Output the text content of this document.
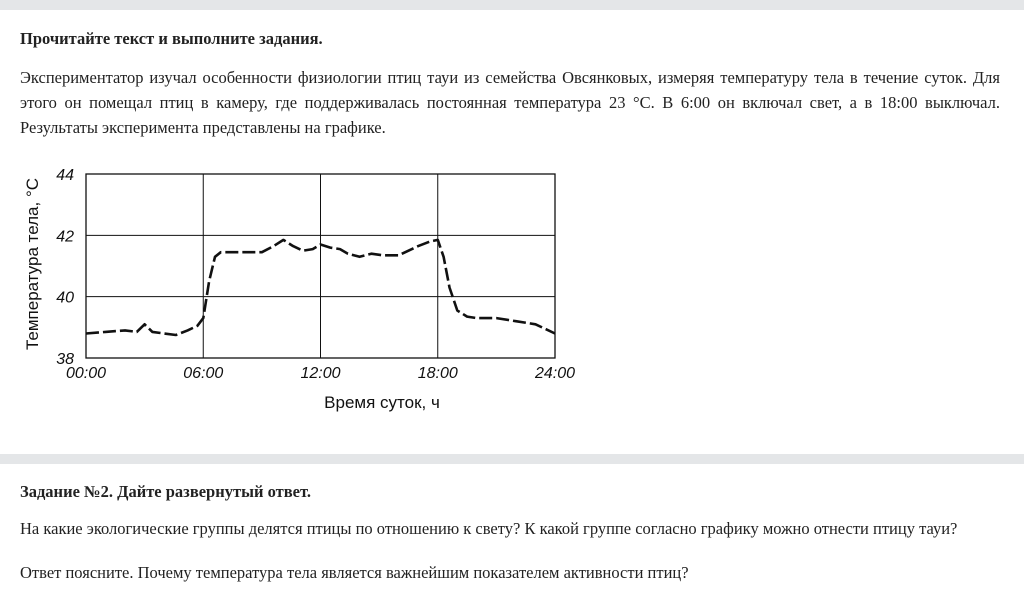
Прочитайте текст и выполните задания.

Экспериментатор изучал особенности физиологии птиц тауи из семейства Овсянковых, измеряя температуру тела в течение суток. Для этого он помещал птиц в камеру, где поддерживалась постоянная температура 23 °С. В 6:00 он включал свет, а в 18:00 выключал. Результаты эксперимента представлены на графике.

38
40
42
44
00:00	06:00	12:00	18:00	24:00
Время суток, ч
Температура тела, °С

Задание №2. Дайте развернутый ответ.

На какие экологические группы делятся птицы по отношению к свету? К какой группе согласно графику можно отнести птицу тауи?

Ответ поясните. Почему температура тела является важнейшим показателем активности птиц?
